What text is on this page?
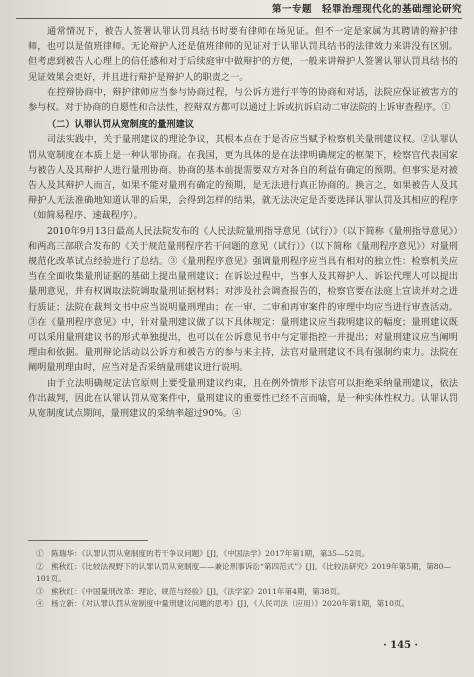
第一专题　轻罪治理现代化的基础理论研究

通常情况下，被告人签署认罪认罚具结书时要有律师在场见证。但不一定是家属为其聘请的辩护律师，也可以是值班律师。无论辩护人还是值班律师的见证对于认罪认罚具结书的法律效力来讲没有区别。但考虑到被告人心理上的信任感和对于后续庭审中做辩护的方便，一般来讲辩护人签署认罪认罚具结书的见证效果会更好，并且进行辩护是辩护人的职责之一。

在控辩协商中，辩护律师应当参与协商过程，与公诉方进行平等的协商和对话，法院应保证被害方的参与权。对于协商的自愿性和合法性，控辩双方都可以通过上诉或抗诉启动二审法院的上诉审查程序。①

（二）认罪认罚从宽制度的量刑建议

司法实践中，关于量刑建议的理论争议，其根本点在于是否应当赋予检察机关量刑建议权。②认罪认罚从宽制度在本质上是一种认罪协商。在我国，更为具体的是在法律明确规定的框架下，检察官代表国家与被告人及其辩护人进行量刑协商。协商的基本前提需要双方对各自的利益有确定的预期。但事实是对被告人及其辩护人而言，如果不能对量刑有确定的预期，是无法进行真正协商的。换言之，如果被告人及其辩护人无法准确地知道认罪的后果，会得到怎样的结果，就无法决定是否要选择认罪认罚及其相应的程序（如简易程序、速裁程序）。

2010年9月13日最高人民法院发布的《人民法院量刑指导意见（试行）》（以下简称《量刑指导意见》）和两高三部联合发布的《关于规范量刑程序若干问题的意见（试行）》（以下简称《量刑程序意见》）对量刑规范化改革试点经验进行了总结。③《量刑程序意见》强调量刑程序应当具有相对的独立性：检察机关应当在全面收集量刑证据的基础上提出量刑建议；在诉讼过程中，当事人及其辩护人、诉讼代理人可以提出量刑意见，并有权调取法院调取量刑证据材料；对涉及社会调查报告的，检察官要在法庭上宣读并对之进行质证；法院在裁判文书中应当说明量刑理由；在一审、二审和再审案件的审理中均应当进行审查活动。③在《量刑程序意见》中，针对量刑建议做了以下具体规定：量刑建议应当载明建议的幅度；量刑建议既可以采用量刑建议书的形式单独提出，也可以在公诉意见书中与定罪指控一并提出；对量刑建议应当阐明理由和依据。量刑辩论活动以公诉方和被告方的参与来主持，法官对量刑建议不具有强制约束力。法院在阐明量刑理由时，应当对是否采纳量刑建议进行说明。

由于立法明确规定法官原则上要受量刑建议约束，且在例外情形下法官可以拒绝采纳量刑建议，依法作出裁判，因此在认罪认罚从宽案件中，量刑建议的重要性已经不言而喻，是一种实体性权力。认罪认罚从宽制度试点期间，量刑建议的采纳率超过90%。④

①　陈瑞华：《认罪认罚从宽制度的若干争议问题》[J]，《中国法学》2017年第1期，第35—52页。

②　熊秋红：《比较法视野下的认罪认罚从宽制度——兼论刑事诉讼“第四范式”》[J]，《比较法研究》2019年第5期，第80—101页。

③　熊秋红：《中国量刑改革：理论、规范与经验》[J]，《法学家》2011年第4期，第38页。

④　杨立新：《对认罪认罚从宽制度中量刑建议问题的思考》[J]，《人民司法（应用）》2020年第1期，第10页。

· 145 ·
